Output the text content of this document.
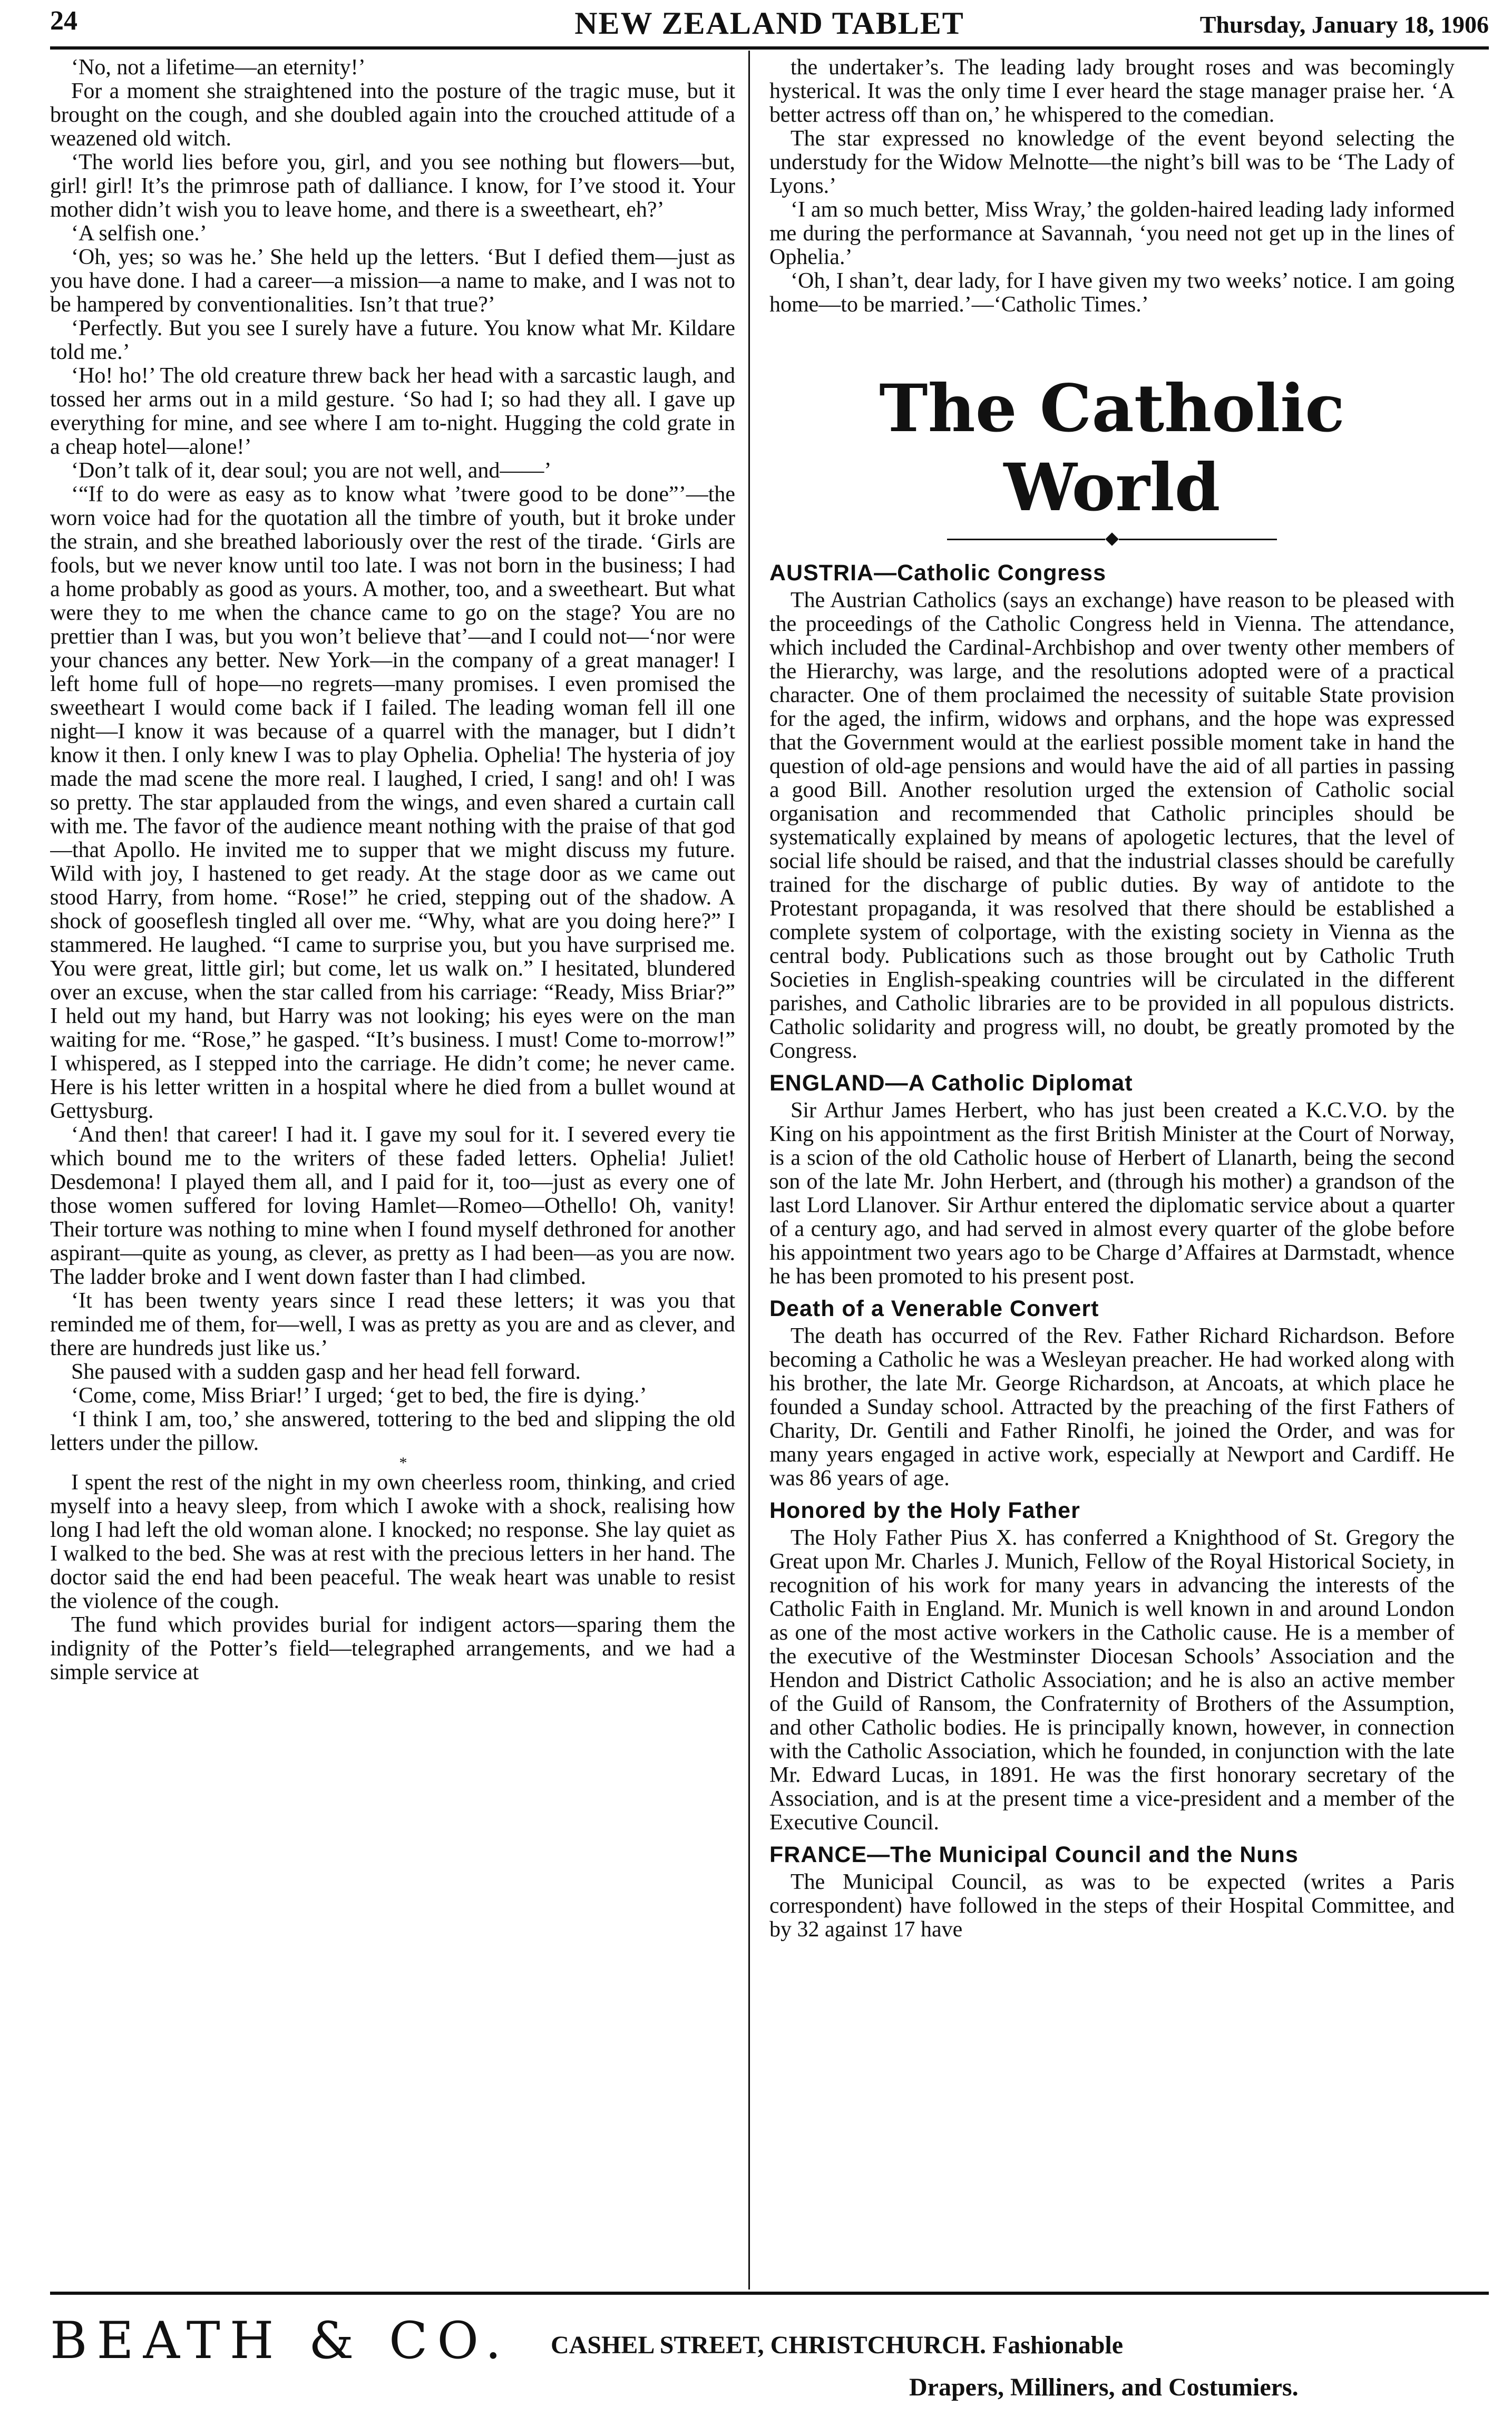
24	NEW ZEALAND TABLET	Thursday, January 18, 1906

‘No, not a lifetime—an eternity!’

For a moment she straightened into the posture of the tragic muse, but it brought on the cough, and she doubled again into the crouched attitude of a weazened old witch.

‘The world lies before you, girl, and you see nothing but flowers—but, girl! girl! It’s the primrose path of dalliance. I know, for I’ve stood it. Your mother didn’t wish you to leave home, and there is a sweetheart, eh?’

‘A selfish one.’

‘Oh, yes; so was he.’ She held up the letters. ‘But I defied them—just as you have done. I had a career—a mission—a name to make, and I was not to be hampered by conventionalities. Isn’t that true?’

‘Perfectly. But you see I surely have a future. You know what Mr. Kildare told me.’

‘Ho! ho!’ The old creature threw back her head with a sarcastic laugh, and tossed her arms out in a mild gesture. ‘So had I; so had they all. I gave up everything for mine, and see where I am to-night. Hugging the cold grate in a cheap hotel—alone!’

‘Don’t talk of it, dear soul; you are not well, and——’

‘“If to do were as easy as to know what ’twere good to be done”’—the worn voice had for the quotation all the timbre of youth, but it broke under the strain, and she breathed laboriously over the rest of the tirade. ‘Girls are fools, but we never know until too late. I was not born in the business; I had a home probably as good as yours. A mother, too, and a sweetheart. But what were they to me when the chance came to go on the stage? You are no prettier than I was, but you won’t believe that’—and I could not—‘nor were your chances any better. New York—in the company of a great manager! I left home full of hope—no regrets—many promises. I even promised the sweetheart I would come back if I failed. The leading woman fell ill one night—I know it was because of a quarrel with the manager, but I didn’t know it then. I only knew I was to play Ophelia. Ophelia! The hysteria of joy made the mad scene the more real. I laughed, I cried, I sang! and oh! I was so pretty. The star applauded from the wings, and even shared a curtain call with me. The favor of the audience meant nothing with the praise of that god—that Apollo. He invited me to supper that we might discuss my future. Wild with joy, I hastened to get ready. At the stage door as we came out stood Harry, from home. “Rose!” he cried, stepping out of the shadow. A shock of gooseflesh tingled all over me. “Why, what are you doing here?” I stammered. He laughed. “I came to surprise you, but you have surprised me. You were great, little girl; but come, let us walk on.” I hesitated, blundered over an excuse, when the star called from his carriage: “Ready, Miss Briar?” I held out my hand, but Harry was not looking; his eyes were on the man waiting for me. “Rose,” he gasped. “It’s business. I must! Come to-morrow!” I whispered, as I stepped into the carriage. He didn’t come; he never came. Here is his letter written in a hospital where he died from a bullet wound at Gettysburg.

‘And then! that career! I had it. I gave my soul for it. I severed every tie which bound me to the writers of these faded letters. Ophelia! Juliet! Desdemona! I played them all, and I paid for it, too—just as every one of those women suffered for loving Hamlet—Romeo—Othello! Oh, vanity! Their torture was nothing to mine when I found myself dethroned for another aspirant—quite as young, as clever, as pretty as I had been—as you are now. The ladder broke and I went down faster than I had climbed.

‘It has been twenty years since I read these letters; it was you that reminded me of them, for—well, I was as pretty as you are and as clever, and there are hundreds just like us.’

She paused with a sudden gasp and her head fell forward.

‘Come, come, Miss Briar!’ I urged; ‘get to bed, the fire is dying.’

‘I think I am, too,’ she answered, tottering to the bed and slipping the old letters under the pillow.

*

I spent the rest of the night in my own cheerless room, thinking, and cried myself into a heavy sleep, from which I awoke with a shock, realising how long I had left the old woman alone. I knocked; no response. She lay quiet as I walked to the bed. She was at rest with the precious letters in her hand. The doctor said the end had been peaceful. The weak heart was unable to resist the violence of the cough.

The fund which provides burial for indigent actors—sparing them the indignity of the Potter’s field—telegraphed arrangements, and we had a simple service at

the undertaker’s. The leading lady brought roses and was becomingly hysterical. It was the only time I ever heard the stage manager praise her. ‘A better actress off than on,’ he whispered to the comedian.

The star expressed no knowledge of the event beyond selecting the understudy for the Widow Melnotte—the night’s bill was to be ‘The Lady of Lyons.’

‘I am so much better, Miss Wray,’ the golden-haired leading lady informed me during the performance at Savannah, ‘you need not get up in the lines of Ophelia.’

‘Oh, I shan’t, dear lady, for I have given my two weeks’ notice. I am going home—to be married.’—‘Catholic Times.’

The Catholic World
AUSTRIA—Catholic Congress

The Austrian Catholics (says an exchange) have reason to be pleased with the proceedings of the Catholic Congress held in Vienna. The attendance, which included the Cardinal-Archbishop and over twenty other members of the Hierarchy, was large, and the resolutions adopted were of a practical character. One of them proclaimed the necessity of suitable State provision for the aged, the infirm, widows and orphans, and the hope was expressed that the Government would at the earliest possible moment take in hand the question of old-age pensions and would have the aid of all parties in passing a good Bill. Another resolution urged the extension of Catholic social organisation and recommended that Catholic principles should be systematically explained by means of apologetic lectures, that the level of social life should be raised, and that the industrial classes should be carefully trained for the discharge of public duties. By way of antidote to the Protestant propaganda, it was resolved that there should be established a complete system of colportage, with the existing society in Vienna as the central body. Publications such as those brought out by Catholic Truth Societies in English-speaking countries will be circulated in the different parishes, and Catholic libraries are to be provided in all populous districts. Catholic solidarity and progress will, no doubt, be greatly promoted by the Congress.

ENGLAND—A Catholic Diplomat

Sir Arthur James Herbert, who has just been created a K.C.V.O. by the King on his appointment as the first British Minister at the Court of Norway, is a scion of the old Catholic house of Herbert of Llanarth, being the second son of the late Mr. John Herbert, and (through his mother) a grandson of the last Lord Llanover. Sir Arthur entered the diplomatic service about a quarter of a century ago, and had served in almost every quarter of the globe before his appointment two years ago to be Charge d’Affaires at Darmstadt, whence he has been promoted to his present post.

Death of a Venerable Convert

The death has occurred of the Rev. Father Richard Richardson. Before becoming a Catholic he was a Wesleyan preacher. He had worked along with his brother, the late Mr. George Richardson, at Ancoats, at which place he founded a Sunday school. Attracted by the preaching of the first Fathers of Charity, Dr. Gentili and Father Rinolfi, he joined the Order, and was for many years engaged in active work, especially at Newport and Cardiff. He was 86 years of age.

Honored by the Holy Father

The Holy Father Pius X. has conferred a Knighthood of St. Gregory the Great upon Mr. Charles J. Munich, Fellow of the Royal Historical Society, in recognition of his work for many years in advancing the interests of the Catholic Faith in England. Mr. Munich is well known in and around London as one of the most active workers in the Catholic cause. He is a member of the executive of the Westminster Diocesan Schools’ Association and the Hendon and District Catholic Association; and he is also an active member of the Guild of Ransom, the Confraternity of Brothers of the Assumption, and other Catholic bodies. He is principally known, however, in connection with the Catholic Association, which he founded, in conjunction with the late Mr. Edward Lucas, in 1891. He was the first honorary secretary of the Association, and is at the present time a vice-president and a member of the Executive Council.

FRANCE—The Municipal Council and the Nuns

The Municipal Council, as was to be expected (writes a Paris correspondent) have followed in the steps of their Hospital Committee, and by 32 against 17 have

BEATH & CO. CASHEL STREET, CHRISTCHURCH. Fashionable
Drapers, Milliners, and Costumiers.
